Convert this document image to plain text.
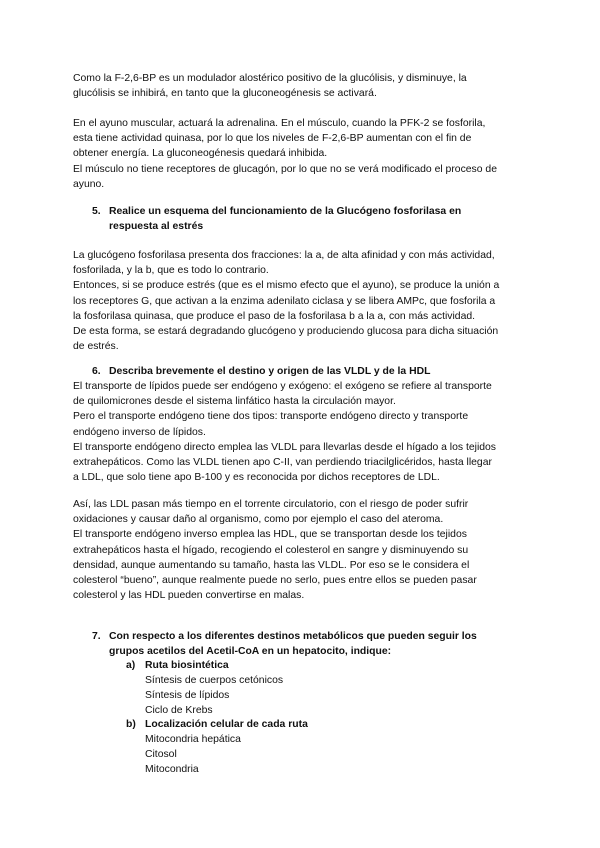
Como la F-2,6-BP es un modulador alostérico positivo de la glucólisis, y disminuye, la
glucólisis se inhibirá, en tanto que la gluconeogénesis se activará.
En el ayuno muscular, actuará la adrenalina. En el músculo, cuando la PFK-2 se fosforila,
esta tiene actividad quinasa, por lo que los niveles de F-2,6-BP aumentan con el fin de
obtener energía. La gluconeogénesis quedará inhibida.
El músculo no tiene receptores de glucagón, por lo que no se verá modificado el proceso de
ayuno.
5. Realice un esquema del funcionamiento de la Glucógeno fosforilasa en
respuesta al estrés
La glucógeno fosforilasa presenta dos fracciones: la a, de alta afinidad y con más actividad,
fosforilada, y la b, que es todo lo contrario.
Entonces, si se produce estrés (que es el mismo efecto que el ayuno), se produce la unión a
los receptores G, que activan a la enzima adenilato ciclasa y se libera AMPc, que fosforila a
la fosforilasa quinasa, que produce el paso de la fosforilasa b a la a, con más actividad.
De esta forma, se estará degradando glucógeno y produciendo glucosa para dicha situación
de estrés.
6. Describa brevemente el destino y origen de las VLDL y de la HDL
El transporte de lípidos puede ser endógeno y exógeno: el exógeno se refiere al transporte
de quilomicrones desde el sistema linfático hasta la circulación mayor.
Pero el transporte endógeno tiene dos tipos: transporte endógeno directo y transporte
endógeno inverso de lípidos.
El transporte endógeno directo emplea las VLDL para llevarlas desde el hígado a los tejidos
extrahepáticos. Como las VLDL tienen apo C-II, van perdiendo triacilglicéridos, hasta llegar
a LDL, que solo tiene apo B-100 y es reconocida por dichos receptores de LDL.
Así, las LDL pasan más tiempo en el torrente circulatorio, con el riesgo de poder sufrir
oxidaciones y causar daño al organismo, como por ejemplo el caso del ateroma.
El transporte endógeno inverso emplea las HDL, que se transportan desde los tejidos
extrahepáticos hasta el hígado, recogiendo el colesterol en sangre y disminuyendo su
densidad, aunque aumentando su tamaño, hasta las VLDL. Por eso se le considera el
colesterol “bueno”, aunque realmente puede no serlo, pues entre ellos se pueden pasar
colesterol y las HDL pueden convertirse en malas.
7. Con respecto a los diferentes destinos metabólicos que pueden seguir los
grupos acetilos del Acetil-CoA en un hepatocito, indique:
a) Ruta biosintética
Síntesis de cuerpos cetónicos
Síntesis de lípidos
Ciclo de Krebs
b) Localización celular de cada ruta
Mitocondria hepática
Citosol
Mitocondria
